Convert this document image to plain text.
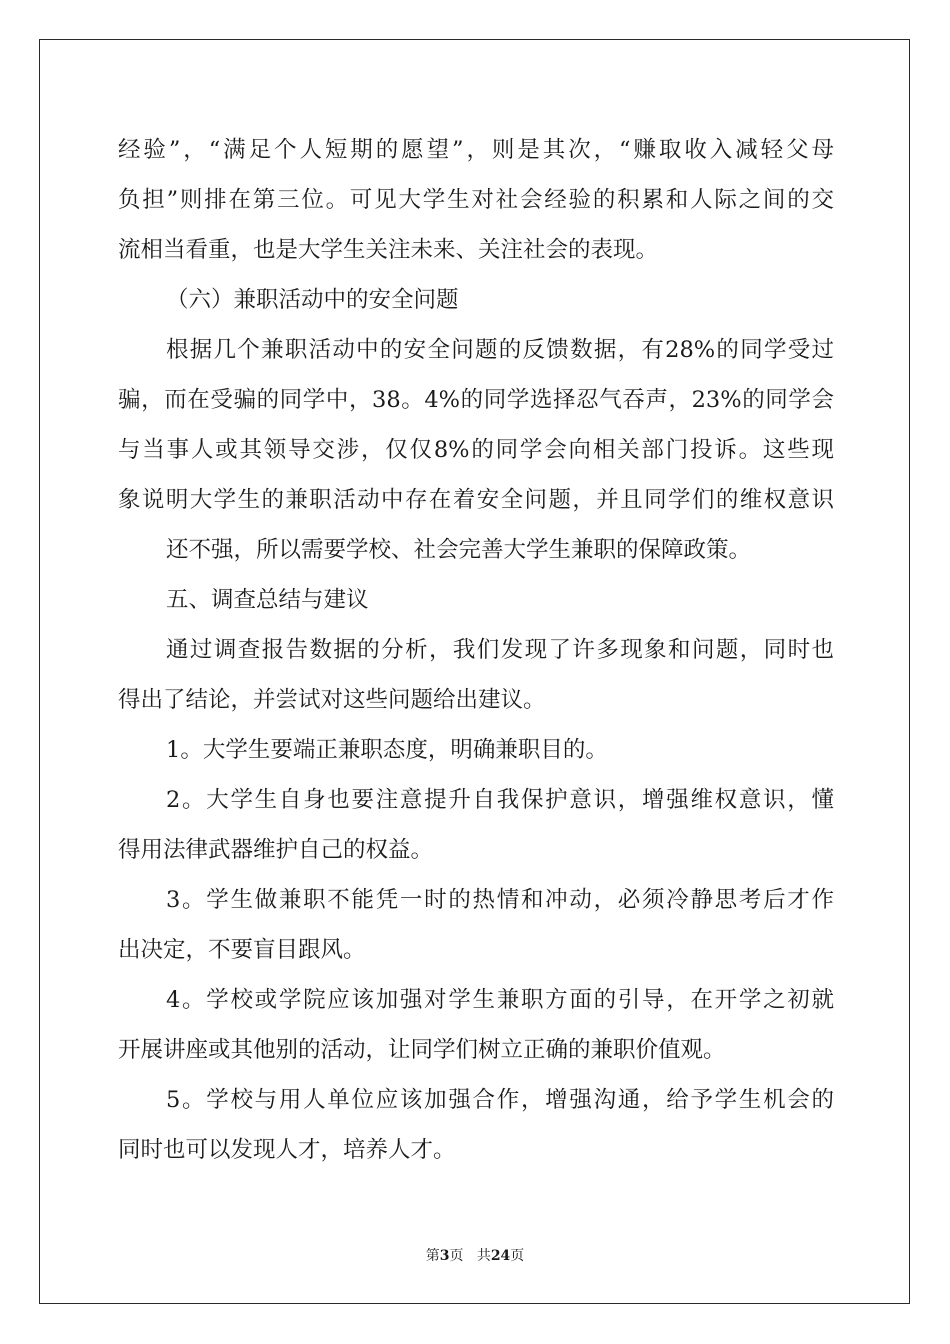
经验”，“满足个人短期的愿望”，则是其次，“赚取收入减轻父母
负担”则排在第三位。可见大学生对社会经验的积累和人际之间的交
流相当看重，也是大学生关注未来、关注社会的表现。
（六）兼职活动中的安全问题
根据几个兼职活动中的安全问题的反馈数据，有28%的同学受过
骗，而在受骗的同学中，38。4%的同学选择忍气吞声，23%的同学会
与当事人或其领导交涉，仅仅8%的同学会向相关部门投诉。这些现
象说明大学生的兼职活动中存在着安全问题，并且同学们的维权意识
还不强，所以需要学校、社会完善大学生兼职的保障政策。
五、调查总结与建议
通过调查报告数据的分析，我们发现了许多现象和问题，同时也
得出了结论，并尝试对这些问题给出建议。
1。大学生要端正兼职态度，明确兼职目的。
2。大学生自身也要注意提升自我保护意识，增强维权意识，懂
得用法律武器维护自己的权益。
3。学生做兼职不能凭一时的热情和冲动，必须冷静思考后才作
出决定，不要盲目跟风。
4。学校或学院应该加强对学生兼职方面的引导，在开学之初就
开展讲座或其他别的活动，让同学们树立正确的兼职价值观。
5。学校与用人单位应该加强合作，增强沟通，给予学生机会的
同时也可以发现人才，培养人才。
第3页 共24页
